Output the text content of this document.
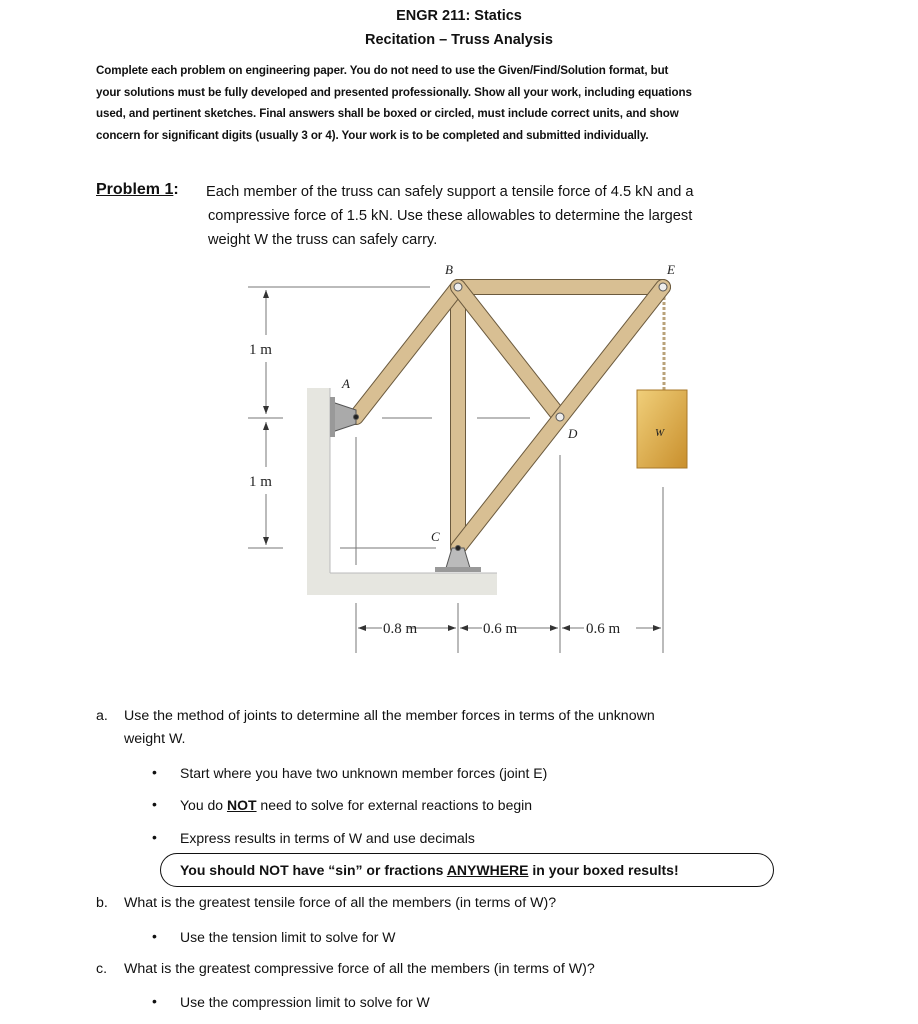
ENGR 211: Statics
Recitation – Truss Analysis
Complete each problem on engineering paper. You do not need to use the Given/Find/Solution format, but
your solutions must be fully developed and presented professionally. Show all your work, including equations
used, and pertinent sketches. Final answers shall be boxed or circled, must include correct units, and show
concern for significant digits (usually 3 or 4). Your work is to be completed and submitted individually.
Problem 1: Each member of the truss can safely support a tensile force of 4.5 kN and a
compressive force of 1.5 kN. Use these allowables to determine the largest
weight W the truss can safely carry.
B	E
A
D
C
W
1 m
1 m
0.8 m	0.6 m	0.6 m
a. Use the method of joints to determine all the member forces in terms of the unknown
weight W.
• Start where you have two unknown member forces (joint E)
• You do NOT need to solve for external reactions to begin
• Express results in terms of W and use decimals
You should NOT have “sin” or fractions ANYWHERE in your boxed results!
b. What is the greatest tensile force of all the members (in terms of W)?
• Use the tension limit to solve for W
c. What is the greatest compressive force of all the members (in terms of W)?
• Use the compression limit to solve for W
